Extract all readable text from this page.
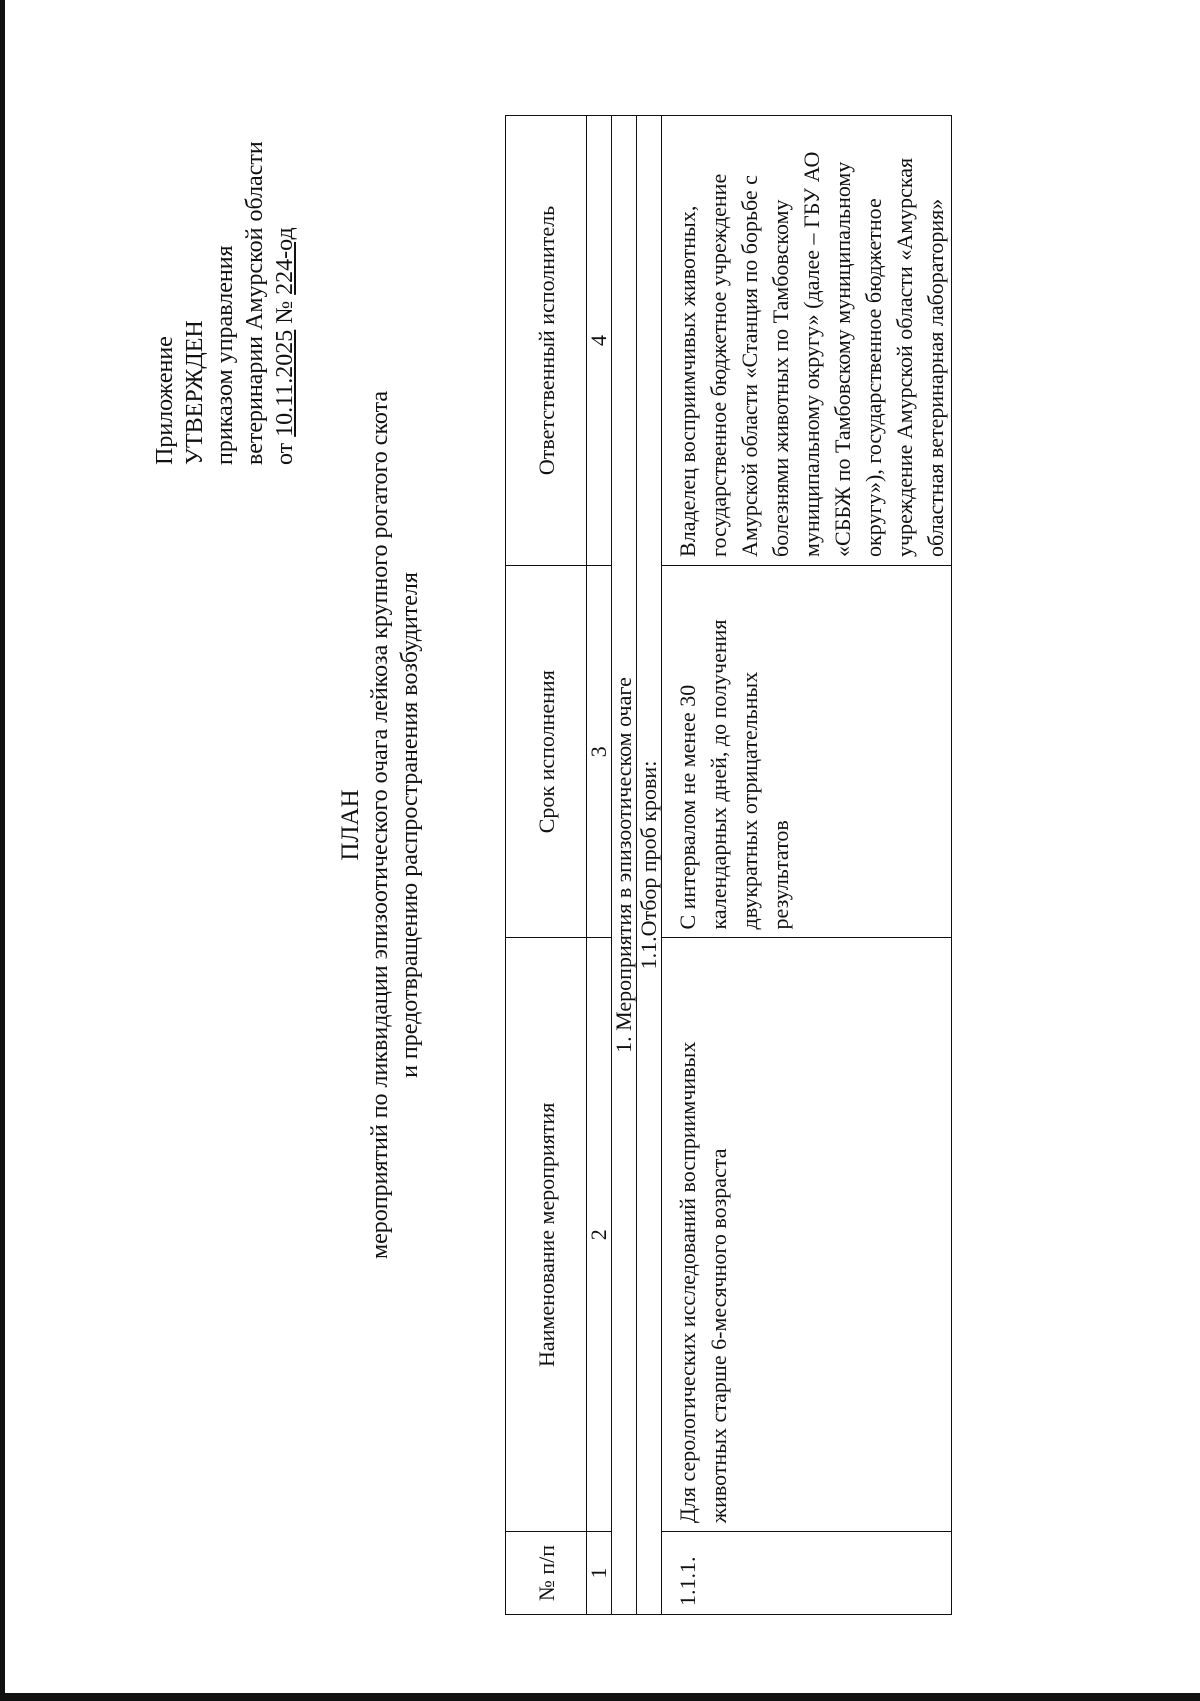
Приложение УТВЕРЖДЕН приказом управления ветеринарии Амурской области от 10.11.2025 № 224-од
ПЛАН мероприятий по ликвидации эпизоотического очага лейкоза крупного рогатого скота и предотвращению распространения возбудителя
№ п/п	Наименование мероприятия	Срок исполнения	Ответственный исполнитель
1	2	3	4
1. Мероприятия в эпизоотическом очаге			
1.1.Отбор проб крови:			

1.1.1.	Для серологических исследований восприимчивых животных старше 6-месячного возраста	С интервалом не менее 30 календарных дней, до получения двукратных отрицательных результатов	Владелец восприимчивых животных, государственное бюджетное учреждение Амурской области «Станция по борьбе с болезнями животных по Тамбовскому муниципальному округу» (далее – ГБУ АО «СББЖ по Тамбовскому муниципальному округу»), государственное бюджетное учреждение Амурской области «Амурская областная ветеринарная лаборатория»
